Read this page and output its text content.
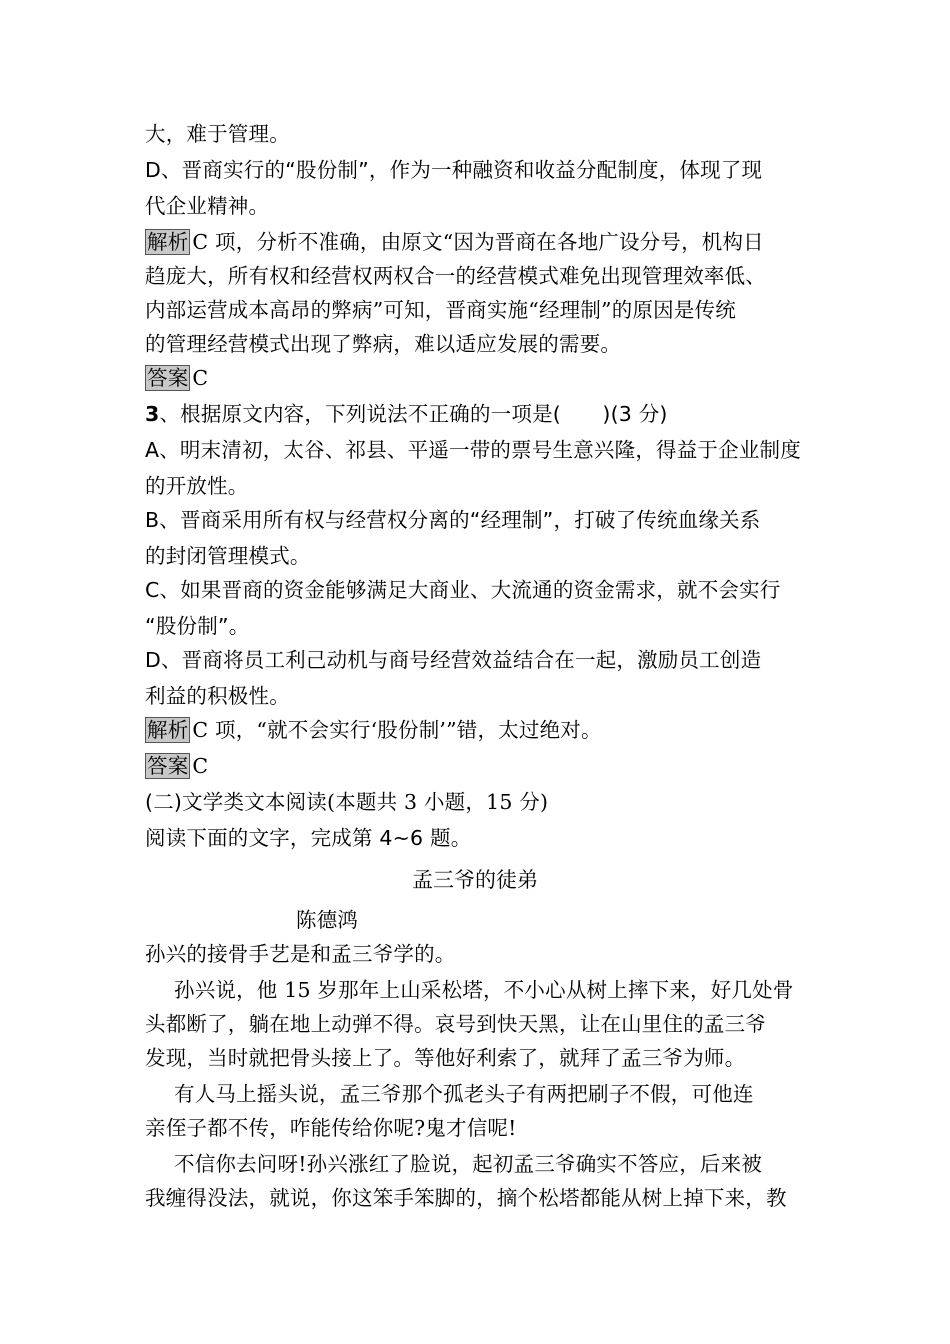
大，难于管理。
D、晋商实行的“股份制”，作为一种融资和收益分配制度，体现了现
代企业精神。
解析 C 项，分析不准确，由原文“因为晋商在各地广设分号，机构日
趋庞大，所有权和经营权两权合一的经营模式难免出现管理效率低、
内部运营成本高昂的弊病”可知，晋商实施“经理制”的原因是传统
的管理经营模式出现了弊病，难以适应发展的需要。
答案 C
3、根据原文内容，下列说法不正确的一项是(　　)(3 分)
A、明末清初，太谷、祁县、平遥一带的票号生意兴隆，得益于企业制度
的开放性。
B、晋商采用所有权与经营权分离的“经理制”，打破了传统血缘关系
的封闭管理模式。
C、如果晋商的资金能够满足大商业、大流通的资金需求，就不会实行
“股份制”。
D、晋商将员工利己动机与商号经营效益结合在一起，激励员工创造
利益的积极性。
解析 C 项，“就不会实行‘股份制’”错，太过绝对。
答案 C
(二)文学类文本阅读(本题共 3 小题，15 分)
阅读下面的文字，完成第 4~6 题。
孟三爷的徒弟
陈德鸿
孙兴的接骨手艺是和孟三爷学的。
孙兴说，他 15 岁那年上山采松塔，不小心从树上摔下来，好几处骨
头都断了，躺在地上动弹不得。哀号到快天黑，让在山里住的孟三爷
发现，当时就把骨头接上了。等他好利索了，就拜了孟三爷为师。
有人马上摇头说，孟三爷那个孤老头子有两把刷子不假，可他连
亲侄子都不传，咋能传给你呢?鬼才信呢!
不信你去问呀!孙兴涨红了脸说，起初孟三爷确实不答应，后来被
我缠得没法，就说，你这笨手笨脚的，摘个松塔都能从树上掉下来，教
